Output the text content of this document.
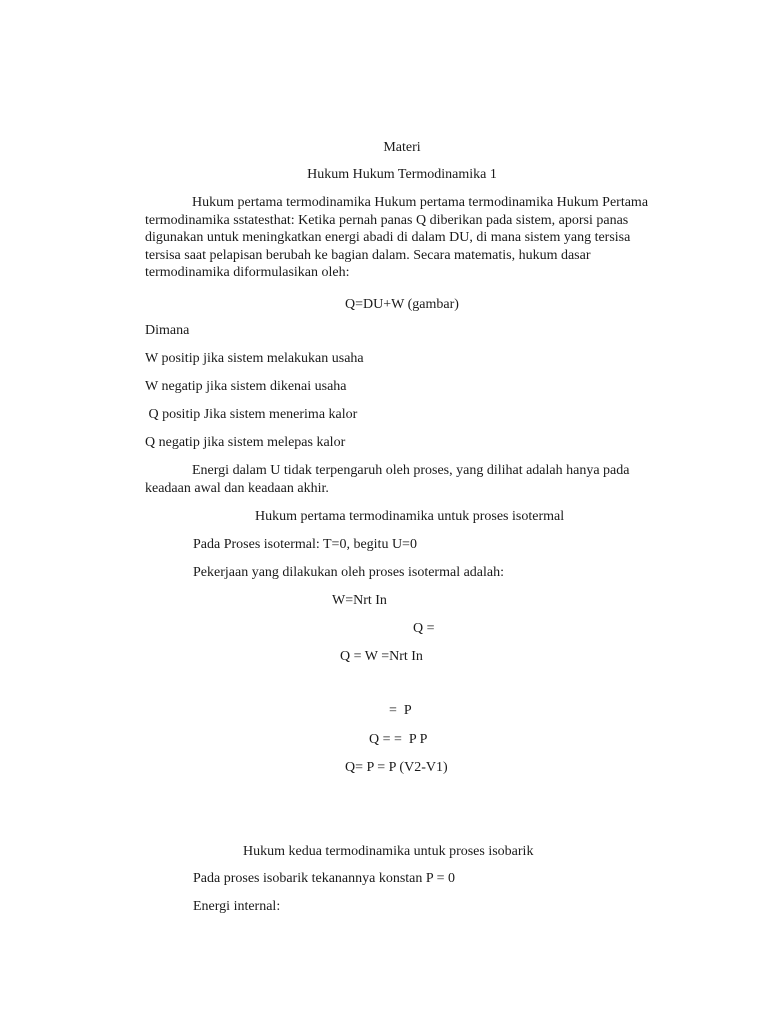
Materi
Hukum Hukum Termodinamika 1
Hukum pertama termodinamika Hukum pertama termodinamika Hukum Pertama termodinamika sstatesthat: Ketika pernah panas Q diberikan pada sistem, aporsi panas digunakan untuk meningkatkan energi abadi di dalam DU, di mana sistem yang tersisa tersisa saat pelapisan berubah ke bagian dalam. Secara matematis, hukum dasar termodinamika diformulasikan oleh:
Q=DU+W (gambar)
Dimana
W positip jika sistem melakukan usaha
W negatip jika sistem dikenai usaha
Q positip Jika sistem menerima kalor
Q negatip jika sistem melepas kalor
Energi dalam U tidak terpengaruh oleh proses, yang dilihat adalah hanya pada keadaan awal dan keadaan akhir.
Hukum pertama termodinamika untuk proses isotermal
Pada Proses isotermal: T=0, begitu U=0
Pekerjaan yang dilakukan oleh proses isotermal adalah:
W=Nrt In
Q =
Q = W =Nrt In
=  P
Q = =  P P
Q= P = P (V2-V1)
Hukum kedua termodinamika untuk proses isobarik
Pada proses isobarik tekanannya konstan P = 0
Energi internal:
